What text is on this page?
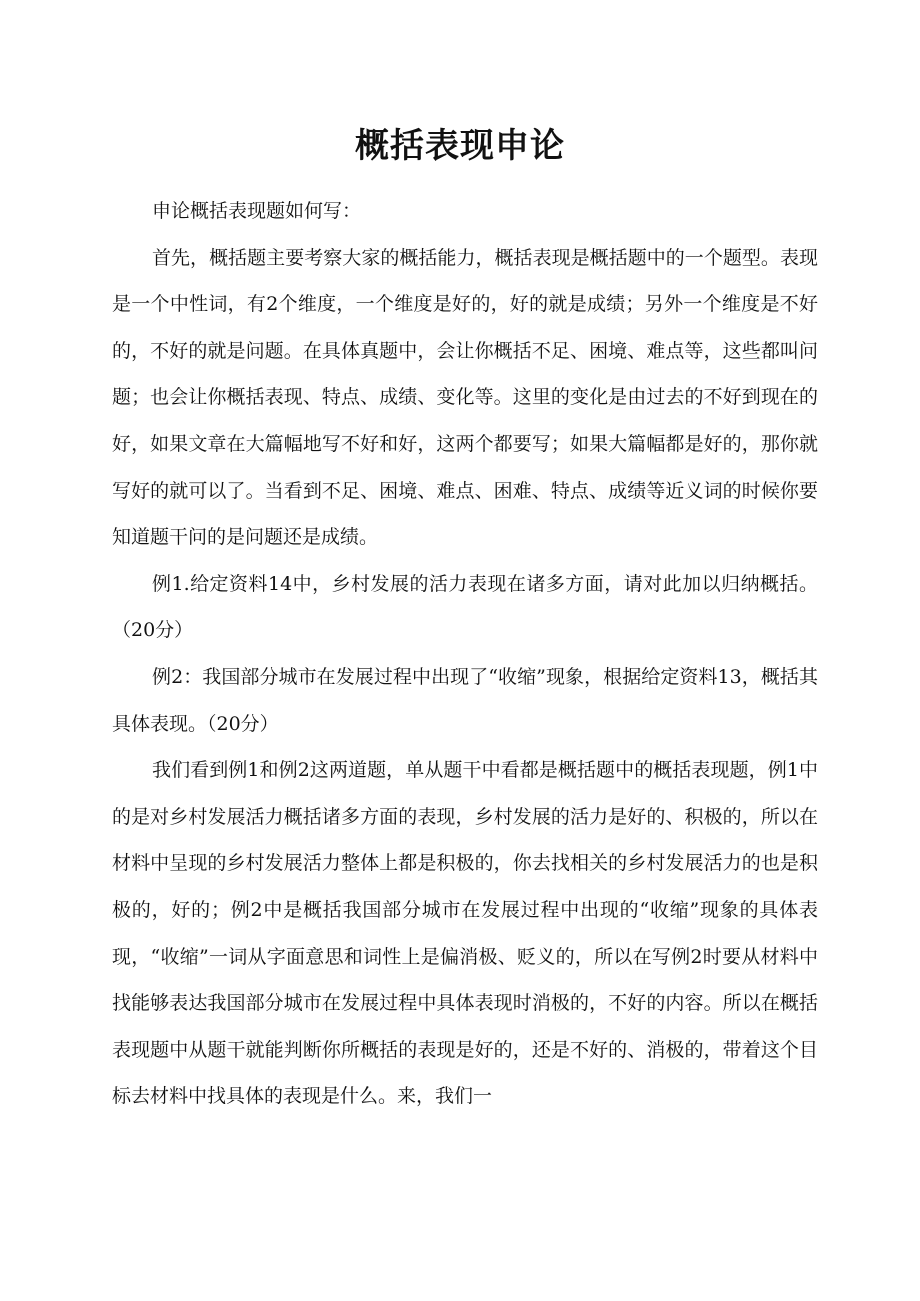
概括表现申论

申论概括表现题如何写：

首先，概括题主要考察大家的概括能力，概括表现是概括题中的一个题型。表现是一个中性词，有2个维度，一个维度是好的，好的就是成绩；另外一个维度是不好的，不好的就是问题。在具体真题中，会让你概括不足、困境、难点等，这些都叫问题；也会让你概括表现、特点、成绩、变化等。这里的变化是由过去的不好到现在的好，如果文章在大篇幅地写不好和好，这两个都要写；如果大篇幅都是好的，那你就写好的就可以了。当看到不足、困境、难点、困难、特点、成绩等近义词的时候你要知道题干问的是问题还是成绩。

例1.给定资料14中，乡村发展的活力表现在诸多方面，请对此加以归纳概括。（20分）

例2：我国部分城市在发展过程中出现了“收缩”现象，根据给定资料13，概括其具体表现。（20分）

我们看到例1和例2这两道题，单从题干中看都是概括题中的概括表现题，例1中的是对乡村发展活力概括诸多方面的表现，乡村发展的活力是好的、积极的，所以在材料中呈现的乡村发展活力整体上都是积极的，你去找相关的乡村发展活力的也是积极的，好的；例2中是概括我国部分城市在发展过程中出现的“收缩”现象的具体表现，“收缩”一词从字面意思和词性上是偏消极、贬义的，所以在写例2时要从材料中找能够表达我国部分城市在发展过程中具体表现时消极的，不好的内容。所以在概括表现题中从题干就能判断你所概括的表现是好的，还是不好的、消极的，带着这个目标去材料中找具体的表现是什么。来，我们一
